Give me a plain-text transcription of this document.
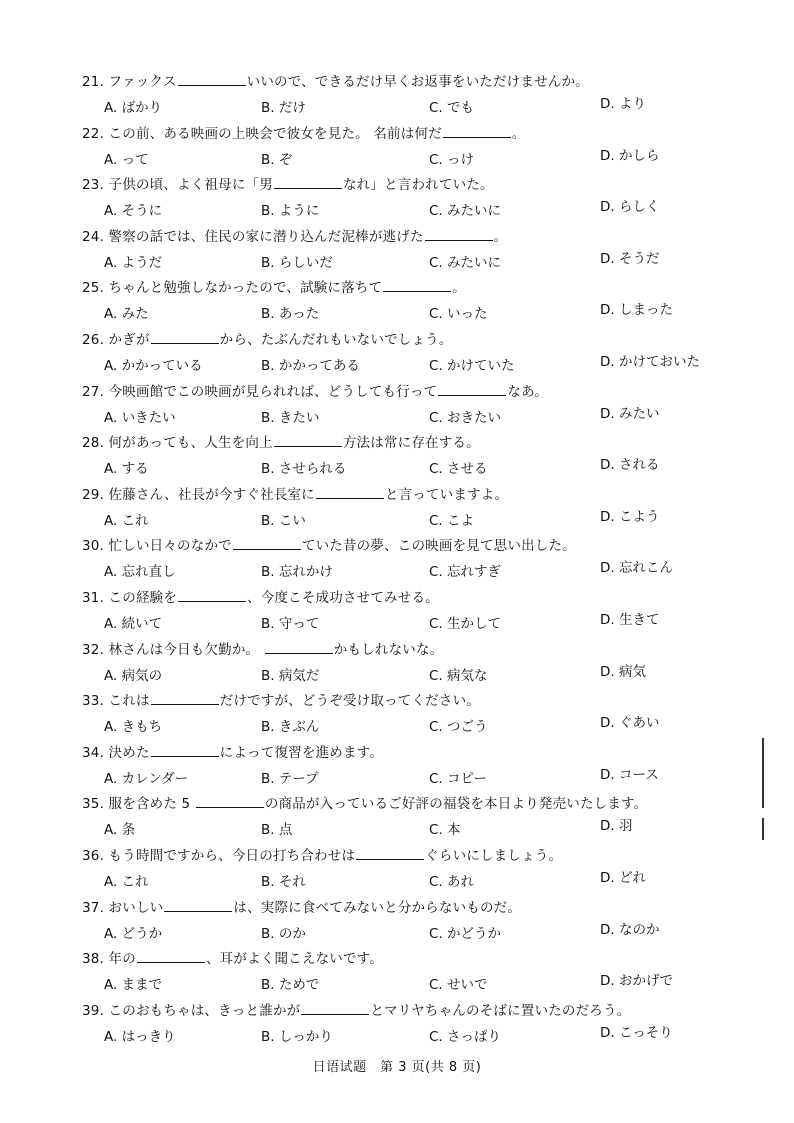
21. ファックス	いいので、できるだけ早くお返事をいただけませんか。
A. ばかり	B. だけ	C. でも	D. より
22. この前、ある映画の上映会で彼女を見た。 名前は何だ	。
A. って	B. ぞ	C. っけ	D. かしら
23. 子供の頃、よく祖母に「男	なれ」と言われていた。
A. そうに	B. ように	C. みたいに	D. らしく
24. 警察の話では、住民の家に潜り込んだ泥棒が逃げた	。
A. ようだ	B. らしいだ	C. みたいに	D. そうだ
25. ちゃんと勉強しなかったので、試験に落ちて	。
A. みた	B. あった	C. いった	D. しまった
26. かぎが	から、たぶんだれもいないでしょう。
A. かかっている	B. かかってある	C. かけていた	D. かけておいた
27. 今映画館でこの映画が見られれば、どうしても行って	なあ。
A. いきたい	B. きたい	C. おきたい	D. みたい
28. 何があっても、人生を向上	方法は常に存在する。
A. する	B. させられる	C. させる	D. される
29. 佐藤さん、社長が今すぐ社長室に	と言っていますよ。
A. これ	B. こい	C. こよ	D. こよう
30. 忙しい日々のなかで	ていた昔の夢、この映画を見て思い出した。
A. 忘れ直し	B. 忘れかけ	C. 忘れすぎ	D. 忘れこん
31. この経験を	、今度こそ成功させてみせる。
A. 続いて	B. 守って	C. 生かして	D. 生きて
32. 林さんは今日も欠勤か。	かもしれないな。
A. 病気の	B. 病気だ	C. 病気な	D. 病気
33. これは	だけですが、どうぞ受け取ってください。
A. きもち	B. きぶん	C. つごう	D. ぐあい
34. 決めた	によって復習を進めます。
A. カレンダー	B. テープ	C. コピー	D. コース
35. 服を含めた 5	の商品が入っているご好評の福袋を本日より発売いたします。
A. 条	B. 点	C. 本	D. 羽
36. もう時間ですから、今日の打ち合わせは	ぐらいにしましょう。
A. これ	B. それ	C. あれ	D. どれ
37. おいしい	は、実際に食べてみないと分からないものだ。
A. どうか	B. のか	C. かどうか	D. なのか
38. 年の	、耳がよく聞こえないです。
A. ままで	B. ためで	C. せいで	D. おかげで
39. このおもちゃは、きっと誰かが	とマリヤちゃんのそばに置いたのだろう。
A. はっきり	B. しっかり	C. さっぱり	D. こっそり
日语试题　第 3 页(共 8 页)
